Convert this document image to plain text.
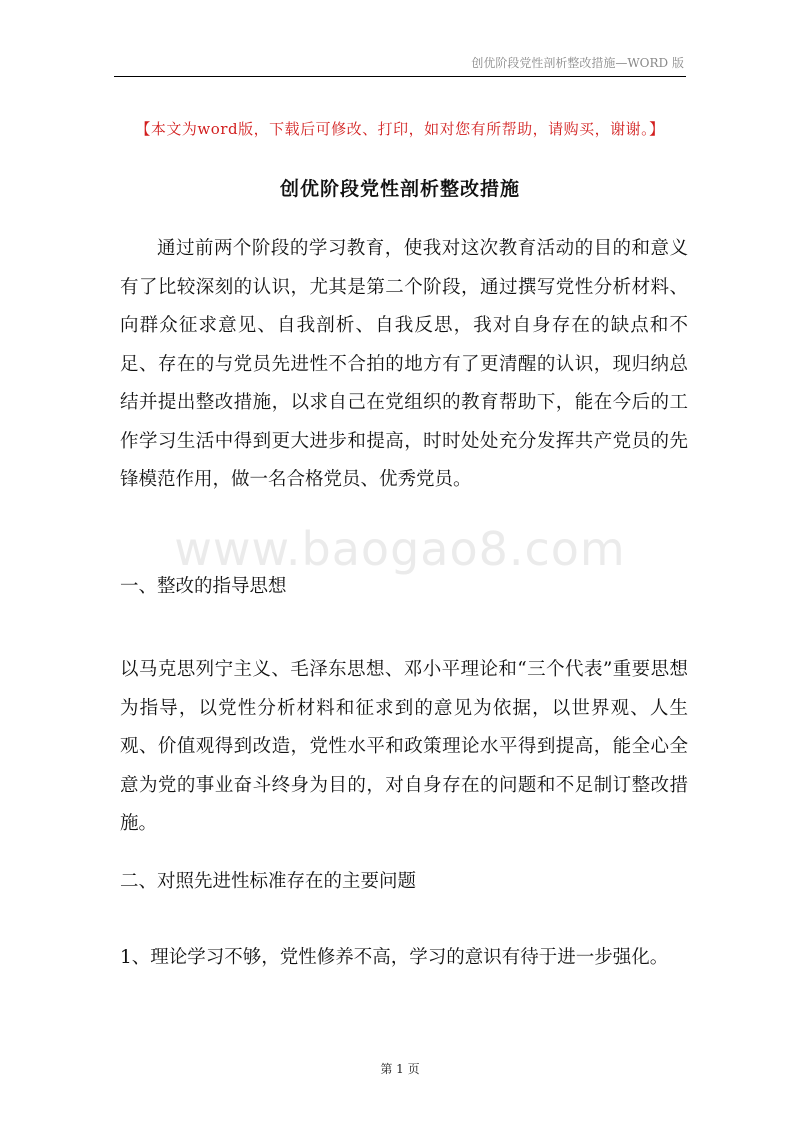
创优阶段党性剖析整改措施—WORD 版
【本文为word版，下载后可修改、打印，如对您有所帮助，请购买，谢谢。】
创优阶段党性剖析整改措施

通过前两个阶段的学习教育，使我对这次教育活动的目的和意义有了比较深刻的认识，尤其是第二个阶段，通过撰写党性分析材料、向群众征求意见、自我剖析、自我反思，我对自身存在的缺点和不足、存在的与党员先进性不合拍的地方有了更清醒的认识，现归纳总结并提出整改措施，以求自己在党组织的教育帮助下，能在今后的工作学习生活中得到更大进步和提高，时时处处充分发挥共产党员的先锋模范作用，做一名合格党员、优秀党员。

www.baogao8.com
一、整改的指导思想

以马克思列宁主义、毛泽东思想、邓小平理论和“三个代表”重要思想为指导，以党性分析材料和征求到的意见为依据，以世界观、人生观、价值观得到改造，党性水平和政策理论水平得到提高，能全心全意为党的事业奋斗终身为目的，对自身存在的问题和不足制订整改措施。

二、对照先进性标准存在的主要问题
1、理论学习不够，党性修养不高，学习的意识有待于进一步强化。
第 1 页
